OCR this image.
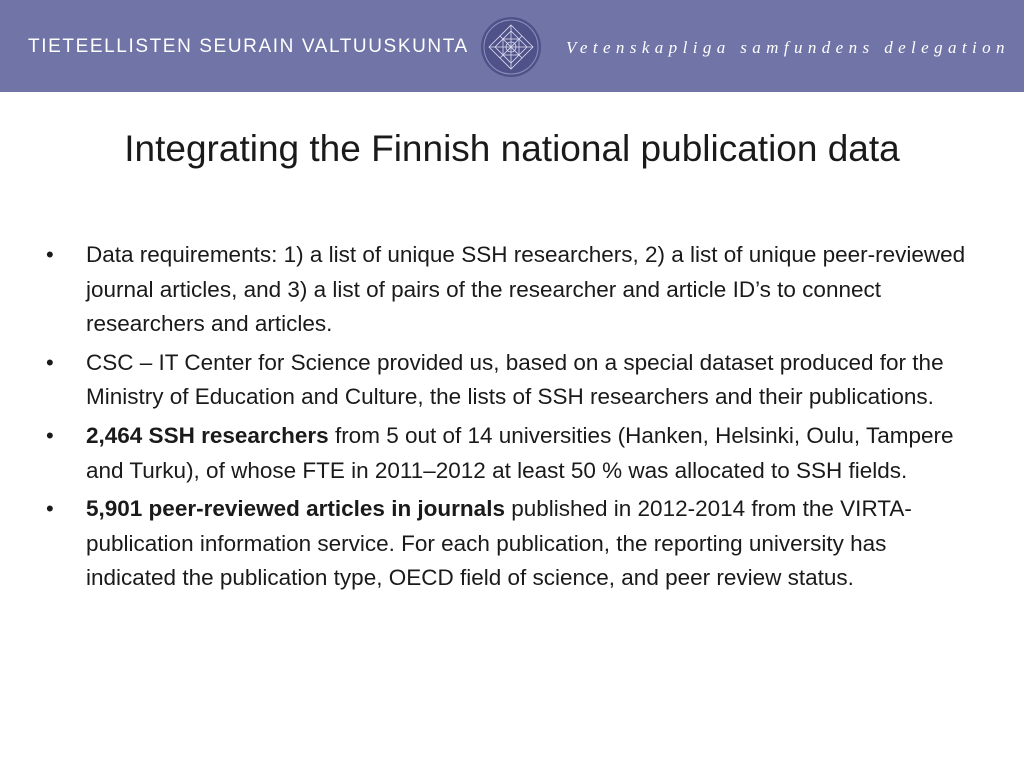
TIETEELLISTEN SEURAIN VALTUUSKUNTA	Vetenskapliga samfundens delegation
Integrating the Finnish national publication data
• Data requirements: 1) a list of unique SSH researchers, 2) a list of unique peer-reviewed journal articles, and 3) a list of pairs of the researcher and article ID’s to connect researchers and articles.
• CSC – IT Center for Science provided us, based on a special dataset produced for the Ministry of Education and Culture, the lists of SSH researchers and their publications.
• 2,464 SSH researchers from 5 out of 14 universities (Hanken, Helsinki, Oulu, Tampere and Turku), of whose FTE in 2011–2012 at least 50 % was allocated to SSH fields.
• 5,901 peer-reviewed articles in journals published in 2012-2014 from the VIRTA-publication information service. For each publication, the reporting university has indicated the publication type, OECD field of science, and peer review status.
